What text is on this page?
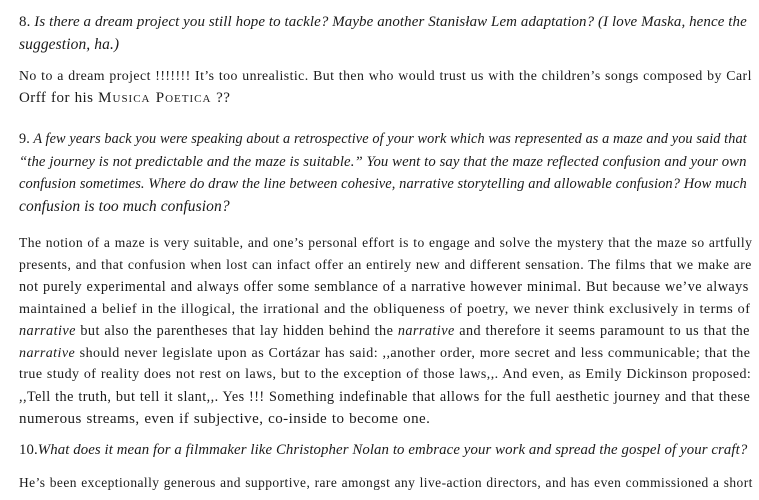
8. Is there a dream project you still hope to tackle? Maybe another Stanisław Lem adaptation? (I love Maska, hence the
suggestion, ha.)

No to a dream project !!!!!!! It’s too unrealistic. But then who would trust us with the children’s songs composed by Carl
Orff for his Musica Poetica ??

9. A few years back you were speaking about a retrospective of your work which was represented as a maze and you said that
“the journey is not predictable and the maze is suitable.” You went to say that the maze reflected confusion and your own
confusion sometimes. Where do draw the line between cohesive, narrative storytelling and allowable confusion? How much
confusion is too much confusion?

The notion of a maze is very suitable, and one’s personal effort is to engage and solve the mystery that the maze so artfully
presents, and that confusion when lost can infact offer an entirely new and different sensation. The films that we make are
not purely experimental and always offer some semblance of a narrative however minimal. But because we’ve always
maintained a belief in the illogical, the irrational and the obliqueness of poetry, we never think exclusively in terms of
narrative but also the parentheses that lay hidden behind the narrative and therefore it seems paramount to us that the
narrative should never legislate upon as Cortázar has said: ,,another order, more secret and less communicable; that the
true study of reality does not rest on laws, but to the exception of those laws,,. And even, as Emily Dickinson proposed:
,,Tell the truth, but tell it slant,,. Yes !!! Something indefinable that allows for the full aesthetic journey and that these
numerous streams, even if subjective, co-inside to become one.

10.What does it mean for a filmmaker like Christopher Nolan to embrace your work and spread the gospel of your craft?

He’s been exceptionally generous and supportive, rare amongst any live-action directors, and has even commissioned a short
